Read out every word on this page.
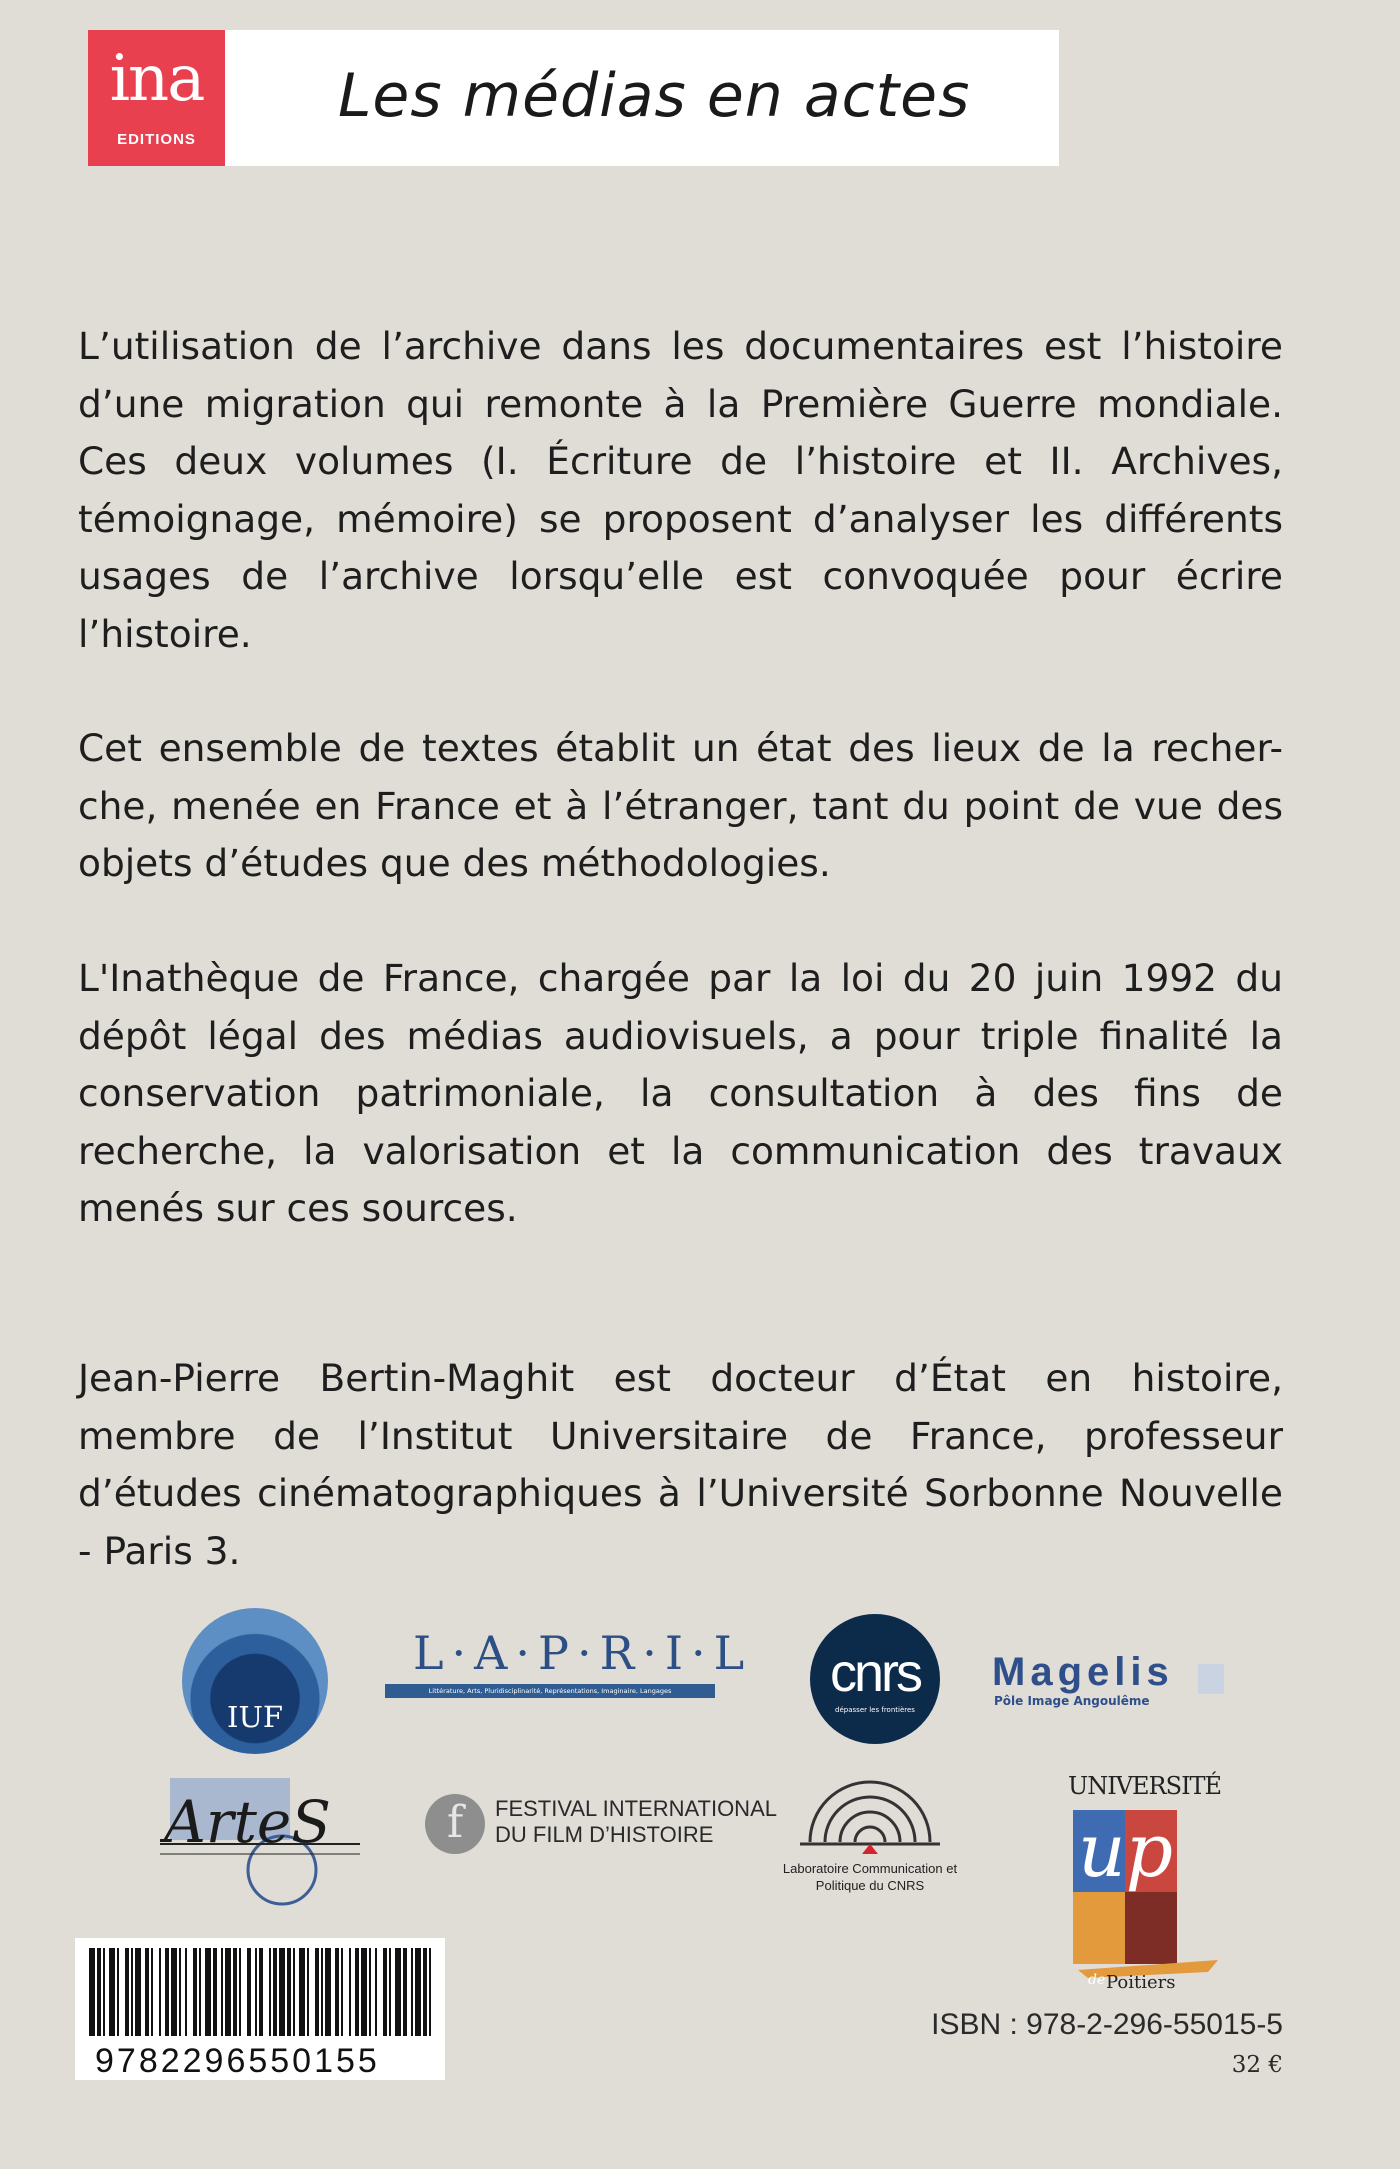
ina
EDITIONS
Les médias en actes
L’utilisation de l’archive dans les documentaires est l’histoire d’une migration qui remonte à la Première Guerre mondiale. Ces deux volumes (I. Écriture de l’histoire et II. Archives, témoignage, mémoire) se proposent d’analyser les différents usages de l’archive lorsqu’elle est convoquée pour écrire l’histoire.
Cet ensemble de textes établit un état des lieux de la recher-che, menée en France et à l’étranger, tant du point de vue des objets d’études que des méthodologies.
L'Inathèque de France, chargée par la loi du 20 juin 1992 du dépôt légal des médias audiovisuels, a pour triple finalité la conservation patrimoniale, la consultation à des fins de recherche, la valorisation et la communication des travaux menés sur ces sources.
Jean-Pierre Bertin-Maghit est docteur d’État en histoire, membre de l’Institut Universitaire de France, professeur d’études cinématographiques à l’Université Sorbonne Nouvelle - Paris 3.
IUF
L·A·P·R·I·L
Littérature, Arts, Pluridisciplinarité, Représentations, Imaginaire, Langages	cnrs
dépasser les frontières
Magelis
Pôle Image Angoulême
ArteS	f	FESTIVAL INTERNATIONAL
DU FILM D’HISTOIRE
Laboratoire Communication et Politique du CNRS
UNIVERSITÉ
up
de Poitiers
9782296550155
ISBN : 978-2-296-55015-5
32 €
